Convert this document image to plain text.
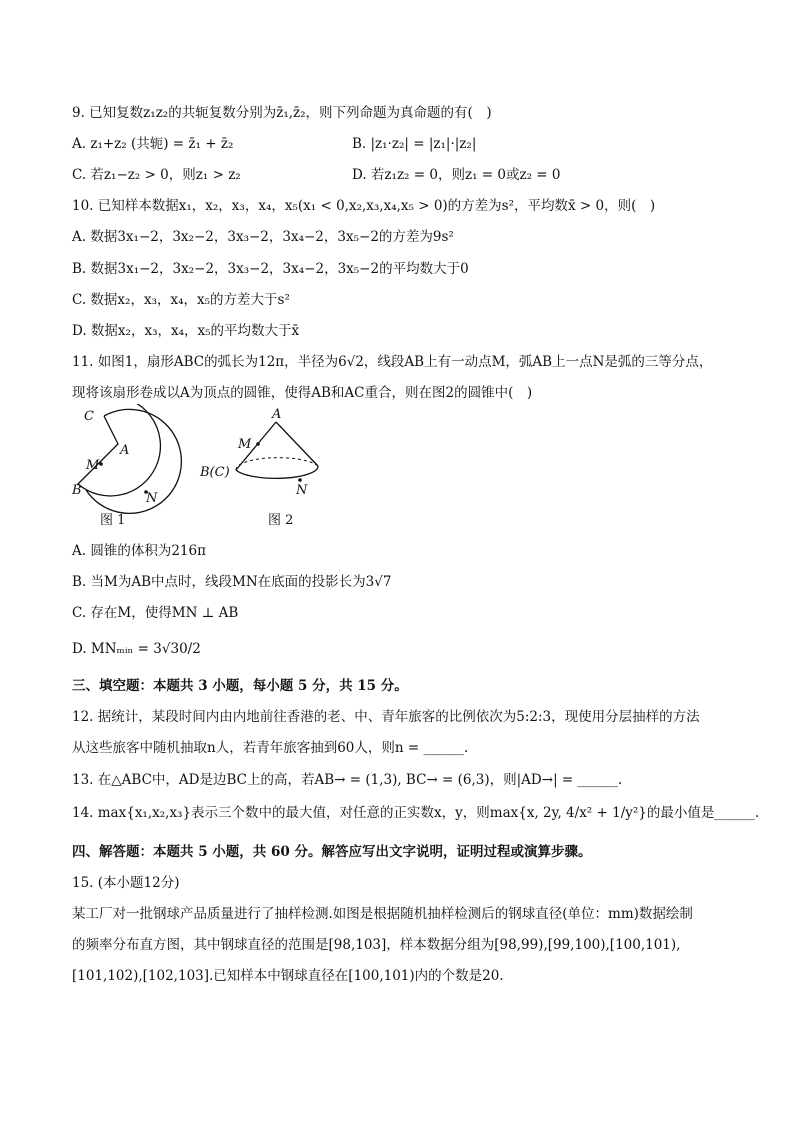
9. 已知复数z₁z₂的共轭复数分别为z̄₁,z̄₂，则下列命题为真命题的有(　)
A. z₁+z₂ (共轭) = z̄₁ + z̄₂	B. |z₁·z₂| = |z₁|·|z₂|
C. 若z₁−z₂ > 0，则z₁ > z₂	D. 若z₁z₂ = 0，则z₁ = 0或z₂ = 0
10. 已知样本数据x₁，x₂，x₃，x₄，x₅(x₁ < 0,x₂,x₃,x₄,x₅ > 0)的方差为s²，平均数x̄ > 0，则(　)
A. 数据3x₁−2，3x₂−2，3x₃−2，3x₄−2，3x₅−2的方差为9s²
B. 数据3x₁−2，3x₂−2，3x₃−2，3x₄−2，3x₅−2的平均数大于0
C. 数据x₂，x₃，x₄，x₅的方差大于s²
D. 数据x₂，x₃，x₄，x₅的平均数大于x̄
11. 如图1，扇形ABC的弧长为12π，半径为6√2，线段AB上有一动点M，弧AB上一点N是弧的三等分点，
现将该扇形卷成以A为顶点的圆锥，使得AB和AC重合，则在图2的圆锥中(　)
C
A
M
B
N
图 1
A
M
B(C)
N
图 2
A. 圆锥的体积为216π
B. 当M为AB中点时，线段MN在底面的投影长为3√7
C. 存在M，使得MN ⊥ AB
D. MNₘᵢₙ = 3√30/2
三、填空题：本题共 3 小题，每小题 5 分，共 15 分。
12. 据统计，某段时间内由内地前往香港的老、中、青年旅客的比例依次为5:2:3，现使用分层抽样的方法
从这些旅客中随机抽取n人，若青年旅客抽到60人，则n = ______.
13. 在△ABC中，AD是边BC上的高，若AB→ = (1,3), BC→ = (6,3)，则|AD→| = ______.
14. max{x₁,x₂,x₃}表示三个数中的最大值，对任意的正实数x，y，则max{x, 2y, 4/x² + 1/y²}的最小值是______.
四、解答题：本题共 5 小题，共 60 分。解答应写出文字说明，证明过程或演算步骤。
15. (本小题12分)
某工厂对一批钢球产品质量进行了抽样检测.如图是根据随机抽样检测后的钢球直径(单位：mm)数据绘制
的频率分布直方图，其中钢球直径的范围是[98,103]，样本数据分组为[98,99),[99,100),[100,101),
[101,102),[102,103].已知样本中钢球直径在[100,101)内的个数是20.
